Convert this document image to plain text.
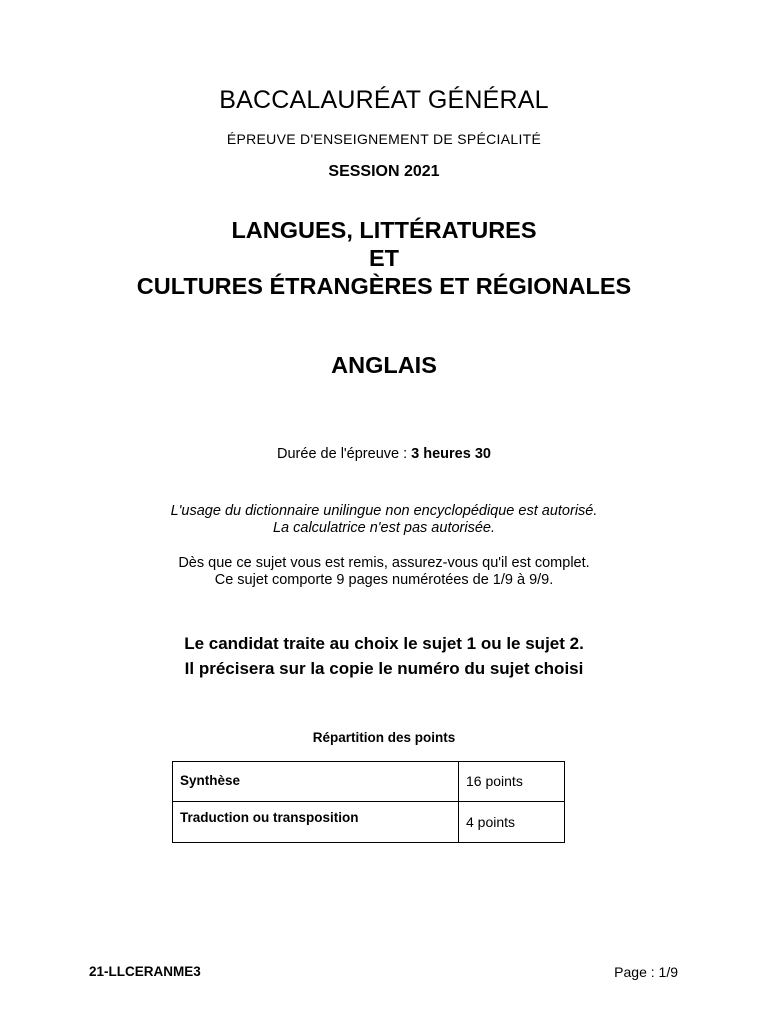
BACCALAURÉAT GÉNÉRAL
ÉPREUVE D'ENSEIGNEMENT DE SPÉCIALITÉ
SESSION 2021
LANGUES, LITTÉRATURES
ET
CULTURES ÉTRANGÈRES ET RÉGIONALES
ANGLAIS
Durée de l'épreuve : 3 heures 30
L'usage du dictionnaire unilingue non encyclopédique est autorisé.
La calculatrice n'est pas autorisée.
Dès que ce sujet vous est remis, assurez-vous qu'il est complet.
Ce sujet comporte 9 pages numérotées de 1/9 à 9/9.
Le candidat traite au choix le sujet 1 ou le sujet 2.
Il précisera sur la copie le numéro du sujet choisi
Répartition des points
Synthèse	16 points
Traduction ou transposition	4 points
21-LLCERANME3	Page : 1/9
